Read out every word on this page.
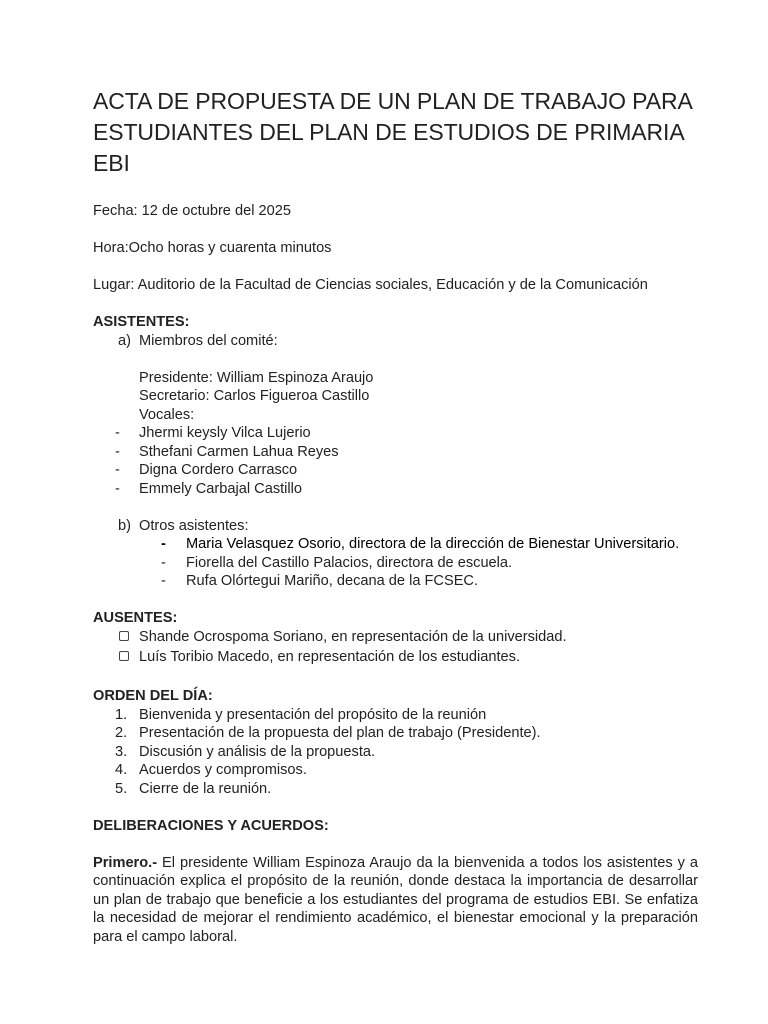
ACTA DE PROPUESTA DE UN PLAN DE TRABAJO PARA ESTUDIANTES DEL PLAN DE ESTUDIOS DE PRIMARIA EBI

Fecha: 12 de octubre del 2025

Hora:Ocho horas y cuarenta minutos

Lugar: Auditorio de la Facultad de Ciencias sociales, Educación y de la Comunicación

ASISTENTES:

a) Miembros del comité:
Presidente: William Espinoza Araujo
Secretario: Carlos Figueroa Castillo
Vocales:
-	Jhermi keysly Vilca Lujerio
-	Sthefani Carmen Lahua Reyes
-	Digna Cordero Carrasco
-	Emmely Carbajal Castillo
b) Otros asistentes:
-	Maria Velasquez Osorio, directora de la dirección de Bienestar Universitario.
-	Fiorella del Castillo Palacios, directora de escuela.
-	Rufa Olórtegui Mariño, decana de la FCSEC.

AUSENTES:

Shande Ocrospoma Soriano, en representación de la universidad.
Luís Toribio Macedo, en representación de los estudiantes.

ORDEN DEL DÍA:

1. Bienvenida y presentación del propósito de la reunión
2. Presentación de la propuesta del plan de trabajo (Presidente).
3. Discusión y análisis de la propuesta.
4. Acuerdos y compromisos.
5. Cierre de la reunión.

DELIBERACIONES Y ACUERDOS:

Primero.- El presidente William Espinoza Araujo da la bienvenida a todos los asistentes y a continuación explica el propósito de la reunión, donde destaca la importancia de desarrollar un plan de trabajo que beneficie a los estudiantes del programa de estudios EBI. Se enfatiza la necesidad de mejorar el rendimiento académico, el bienestar emocional y la preparación para el campo laboral.
